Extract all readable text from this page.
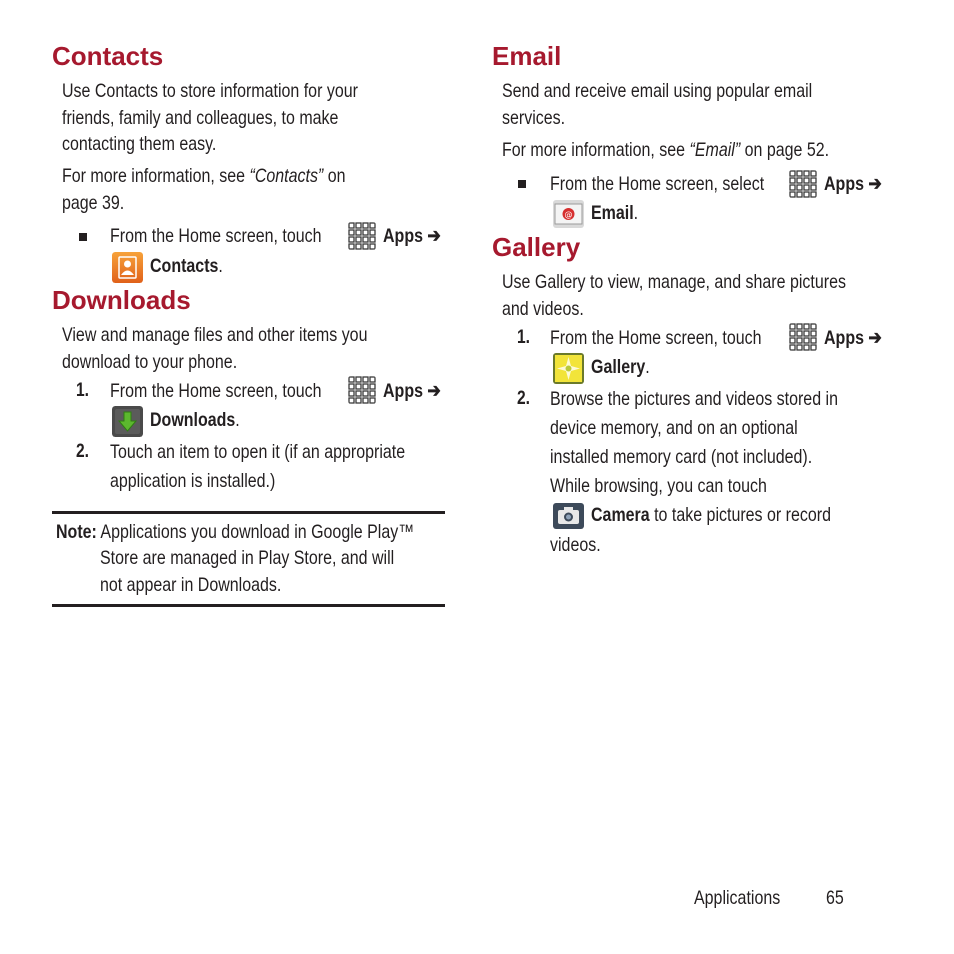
Contacts
Use Contacts to store information for your
friends, family and colleagues, to make
contacting them easy.
For more information, see “Contacts” on
page 39.
From the Home screen, touch	Apps ➔
Contacts.
Downloads
View and manage files and other items you
download to your phone.
1. From the Home screen, touch	Apps ➔
Downloads.
2. Touch an item to open it (if an appropriate
application is installed.)
Note: Applications you download in Google Play™
Store are managed in Play Store, and will
not appear in Downloads.
Email
Send and receive email using popular email
services.
For more information, see “Email” on page 52.
From the Home screen, select	Apps ➔
@ Email.
Gallery
Use Gallery to view, manage, and share pictures
and videos.
1. From the Home screen, touch	Apps ➔
Gallery.
2. Browse the pictures and videos stored in
device memory, and on an optional
installed memory card (not included).
While browsing, you can touch
Camera to take pictures or record
videos.
Applications 65
